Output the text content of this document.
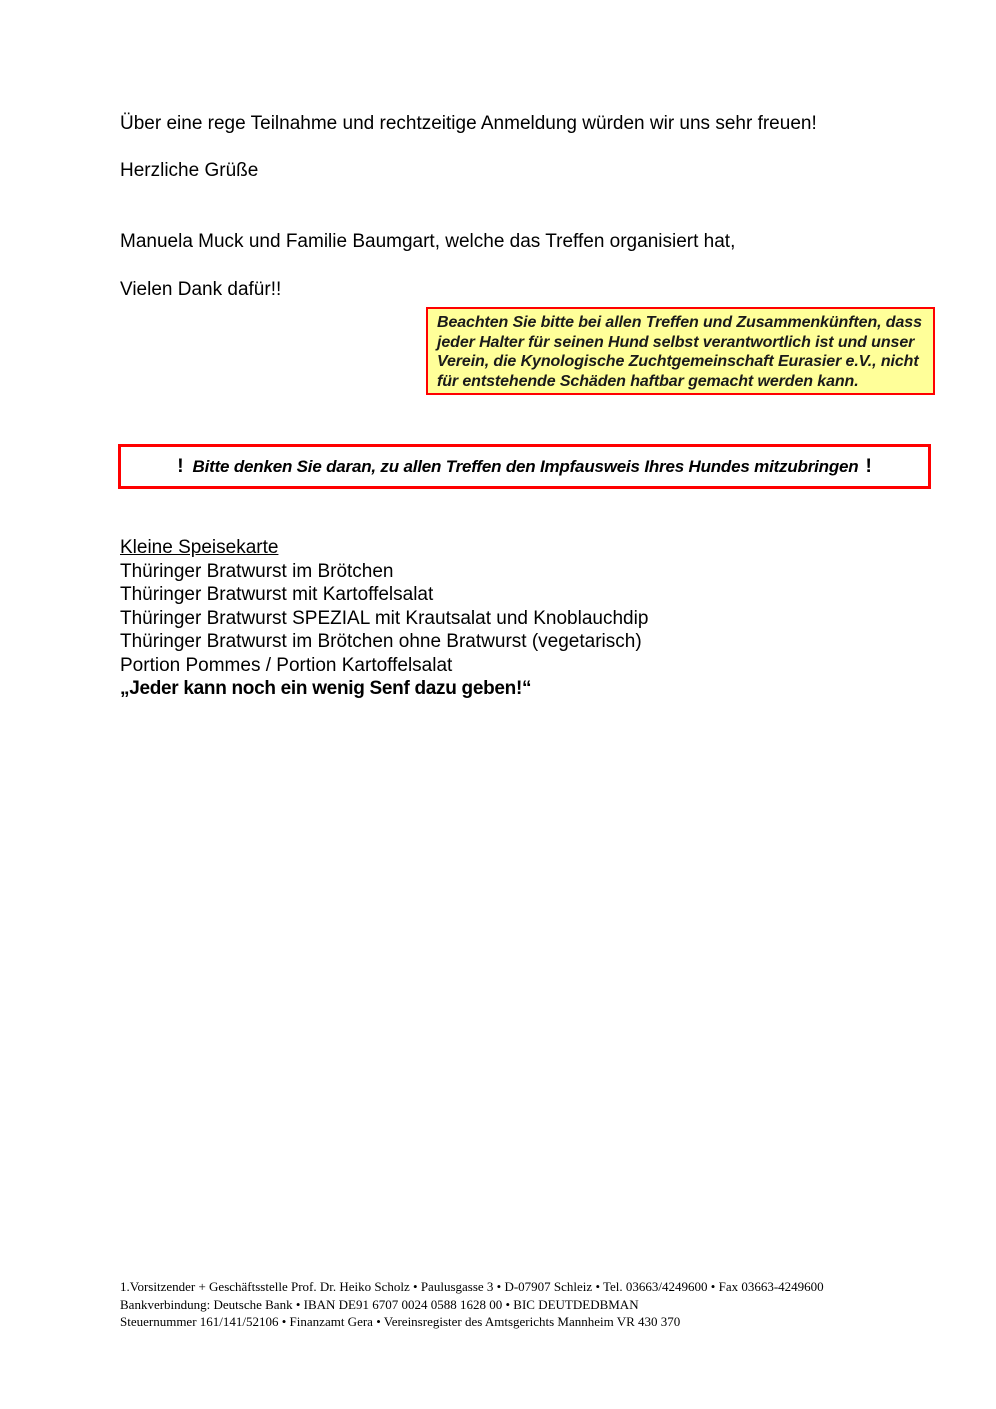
Über eine rege Teilnahme und rechtzeitige Anmeldung würden wir uns sehr freuen!
Herzliche Grüße

Manuela Muck und Familie Baumgart, welche das Treffen organisiert hat,

Vielen Dank dafür!!

Beachten Sie bitte bei allen Treffen und Zusammenkünften, dass
jeder Halter für seinen Hund selbst verantwortlich ist und unser
Verein, die Kynologische Zuchtgemeinschaft Eurasier e.V., nicht
für entstehende Schäden haftbar gemacht werden kann.
! Bitte denken Sie daran, zu allen Treffen den Impfausweis Ihres Hundes mitzubringen !
Kleine Speisekarte
Thüringer Bratwurst im Brötchen
Thüringer Bratwurst mit Kartoffelsalat
Thüringer Bratwurst SPEZIAL mit Krautsalat und Knoblauchdip
Thüringer Bratwurst im Brötchen ohne Bratwurst (vegetarisch)
Portion Pommes / Portion Kartoffelsalat
„Jeder kann noch ein wenig Senf dazu geben!“
1.Vorsitzender + Geschäftsstelle Prof. Dr. Heiko Scholz • Paulusgasse 3 • D-07907 Schleiz • Tel. 03663/4249600 • Fax 03663-4249600
Bankverbindung: Deutsche Bank • IBAN DE91 6707 0024 0588 1628 00 • BIC DEUTDEDBMAN
Steuernummer 161/141/52106 • Finanzamt Gera • Vereinsregister des Amtsgerichts Mannheim VR 430 370
